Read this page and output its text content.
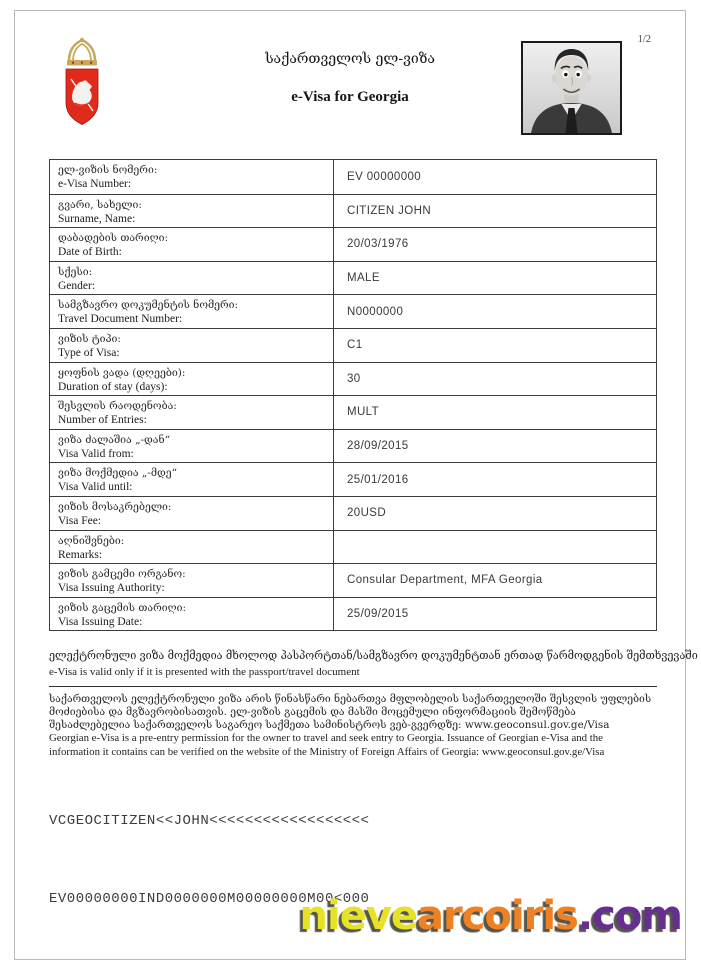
საქართველოს ელ-ვიზა
e-Visa for Georgia
1/2
ელ-ვიზის ნომერი:
e-Visa Number:
EV 00000000
გვარი, სახელი:
Surname, Name:
CITIZEN JOHN
დაბადების თარიღი:
Date of Birth:
20/03/1976
სქესი:
Gender:
MALE
სამგზავრო დოკუმენტის ნომერი:
Travel Document Number:
N0000000
ვიზის ტიპი:
Type of Visa:
C1
ყოფნის ვადა (დღეები):
Duration of stay (days):
30
შესვლის რაოდენობა:
Number of Entries:
MULT
ვიზა ძალაშია „-დან“
Visa Valid from:
28/09/2015
ვიზა მოქმედია „-მდე“
Visa Valid until:
25/01/2016
ვიზის მოსაკრებელი:
Visa Fee:
20USD
აღნიშვნები:
Remarks:
ვიზის გამცემი ორგანო:
Visa Issuing Authority:
Consular Department, MFA Georgia
ვიზის გაცემის თარიღი:
Visa Issuing Date:
25/09/2015
ელექტრონული ვიზა მოქმედია მხოლოდ პასპორტთან/სამგზავრო დოკუმენტთან ერთად წარმოდგენის შემთხვევაში
e-Visa is valid only if it is presented with the passport/travel document
საქართველოს ელექტრონული ვიზა არის წინასწარი ნებართვა მფლობელის საქართველოში შესვლის უფლების მოძიებისა და მგზავრობისათვის. ელ-ვიზის გაცემის და მასში მოცემული ინფორმაციის შემოწმება შესაძლებელია საქართველოს საგარეო საქმეთა სამინისტროს ვებ-გვერდზე: www.geoconsul.gov.ge/Visa
Georgian e-Visa is a pre-entry permission for the owner to travel and seek entry to Georgia. Issuance of Georgian e-Visa and the information it contains can be verified on the website of the Ministry of Foreign Affairs of Georgia: www.geoconsul.gov.ge/Visa

VCGEOCITIZEN<<JOHN<<<<<<<<<<<<<<<<<<

EV00000000IND0000000M00000000M00<000

nievearcoiris.com
